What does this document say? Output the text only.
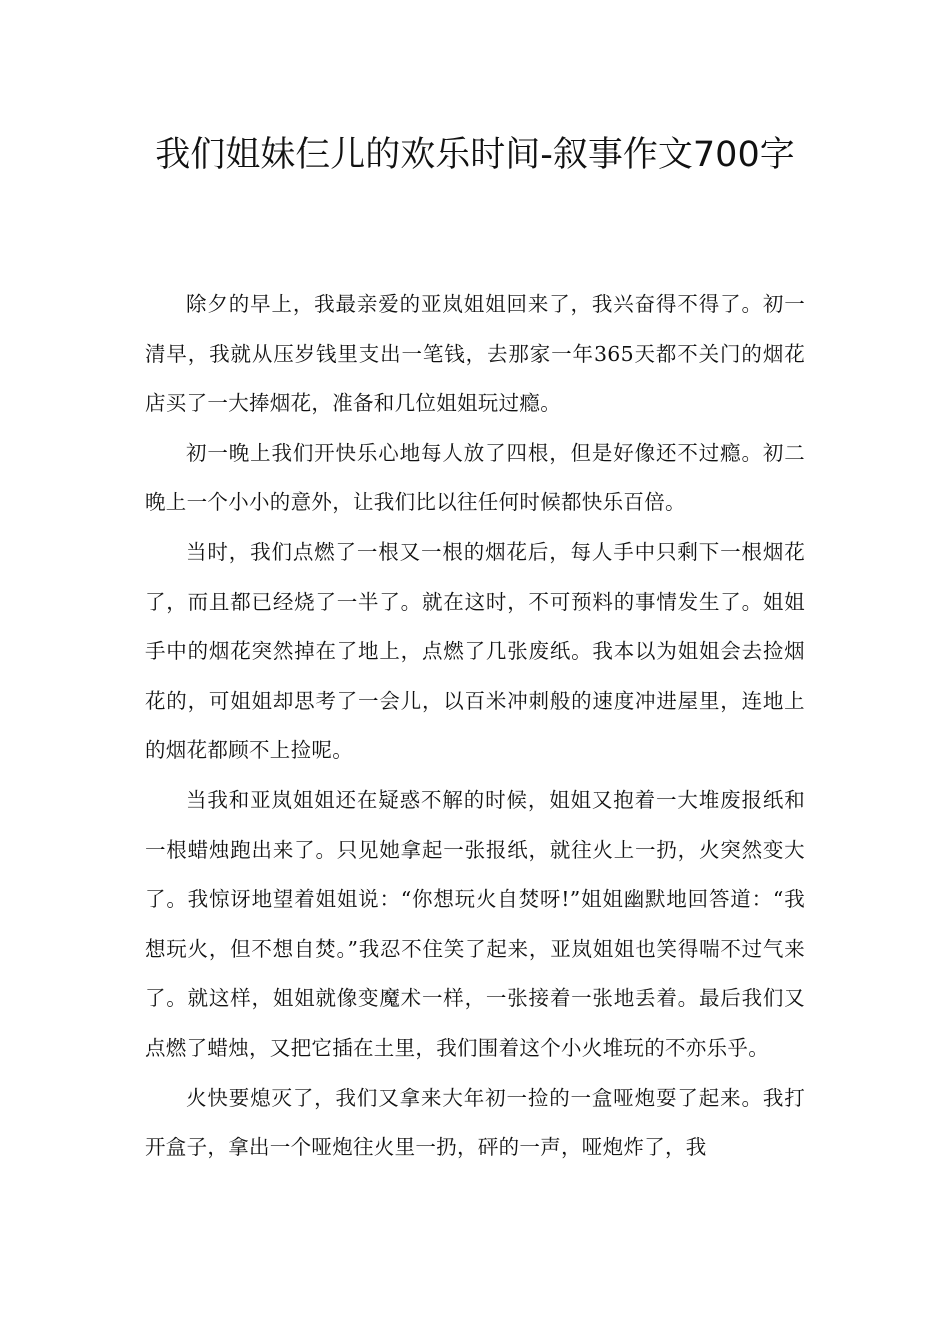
我们姐妹仨儿的欢乐时间-叙事作文700字

除夕的早上，我最亲爱的亚岚姐姐回来了，我兴奋得不得了。初一清早，我就从压岁钱里支出一笔钱，去那家一年365天都不关门的烟花店买了一大捧烟花，准备和几位姐姐玩过瘾。

初一晚上我们开快乐心地每人放了四根，但是好像还不过瘾。初二晚上一个小小的意外，让我们比以往任何时候都快乐百倍。

当时，我们点燃了一根又一根的烟花后，每人手中只剩下一根烟花了，而且都已经烧了一半了。就在这时，不可预料的事情发生了。姐姐手中的烟花突然掉在了地上，点燃了几张废纸。我本以为姐姐会去捡烟花的，可姐姐却思考了一会儿，以百米冲刺般的速度冲进屋里，连地上的烟花都顾不上捡呢。

当我和亚岚姐姐还在疑惑不解的时候，姐姐又抱着一大堆废报纸和一根蜡烛跑出来了。只见她拿起一张报纸，就往火上一扔，火突然变大了。我惊讶地望着姐姐说：“你想玩火自焚呀!”姐姐幽默地回答道：“我想玩火，但不想自焚。”我忍不住笑了起来，亚岚姐姐也笑得喘不过气来了。就这样，姐姐就像变魔术一样，一张接着一张地丢着。最后我们又点燃了蜡烛，又把它插在土里，我们围着这个小火堆玩的不亦乐乎。

火快要熄灭了，我们又拿来大年初一捡的一盒哑炮耍了起来。我打开盒子，拿出一个哑炮往火里一扔，砰的一声，哑炮炸了，我
